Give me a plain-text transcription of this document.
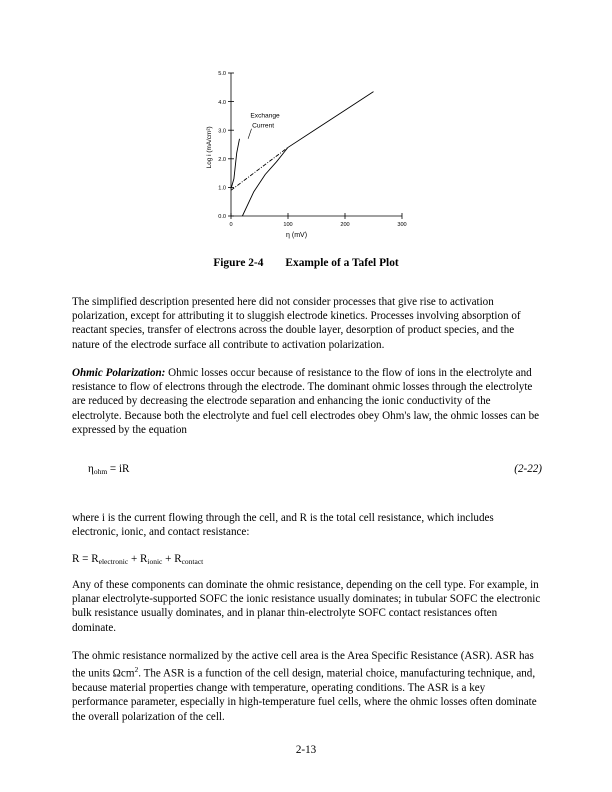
0.0
1.0
2.0
3.0
4.0
5.0
0	100	200	300
η (mV)
Log i (mA/cm²)
Exchange
Current
Figure 2-4 Example of a Tafel Plot

The simplified description presented here did not consider processes that give rise to activation polarization, except for attributing it to sluggish electrode kinetics. Processes involving absorption of reactant species, transfer of electrons across the double layer, desorption of product species, and the nature of the electrode surface all contribute to activation polarization.

Ohmic Polarization: Ohmic losses occur because of resistance to the flow of ions in the electrolyte and resistance to flow of electrons through the electrode. The dominant ohmic losses through the electrolyte are reduced by decreasing the electrode separation and enhancing the ionic conductivity of the electrolyte. Because both the electrolyte and fuel cell electrodes obey Ohm's law, the ohmic losses can be expressed by the equation

$\eta_{ohm}$ = iR	(2-22)

where i is the current flowing through the cell, and R is the total cell resistance, which includes electronic, ionic, and contact resistance:

$R = R_{electronic} + R_{ionic} + R_{contact}$

Any of these components can dominate the ohmic resistance, depending on the cell type. For example, in planar electrolyte-supported SOFC the ionic resistance usually dominates; in tubular SOFC the electronic bulk resistance usually dominates, and in planar thin-electrolyte SOFC contact resistances often dominate.

The ohmic resistance normalized by the active cell area is the Area Specific Resistance (ASR). ASR has the units Ωcm$^2$. The ASR is a function of the cell design, material choice, manufacturing technique, and, because material properties change with temperature, operating conditions. The ASR is a key performance parameter, especially in high-temperature fuel cells, where the ohmic losses often dominate the overall polarization of the cell.

2-13
